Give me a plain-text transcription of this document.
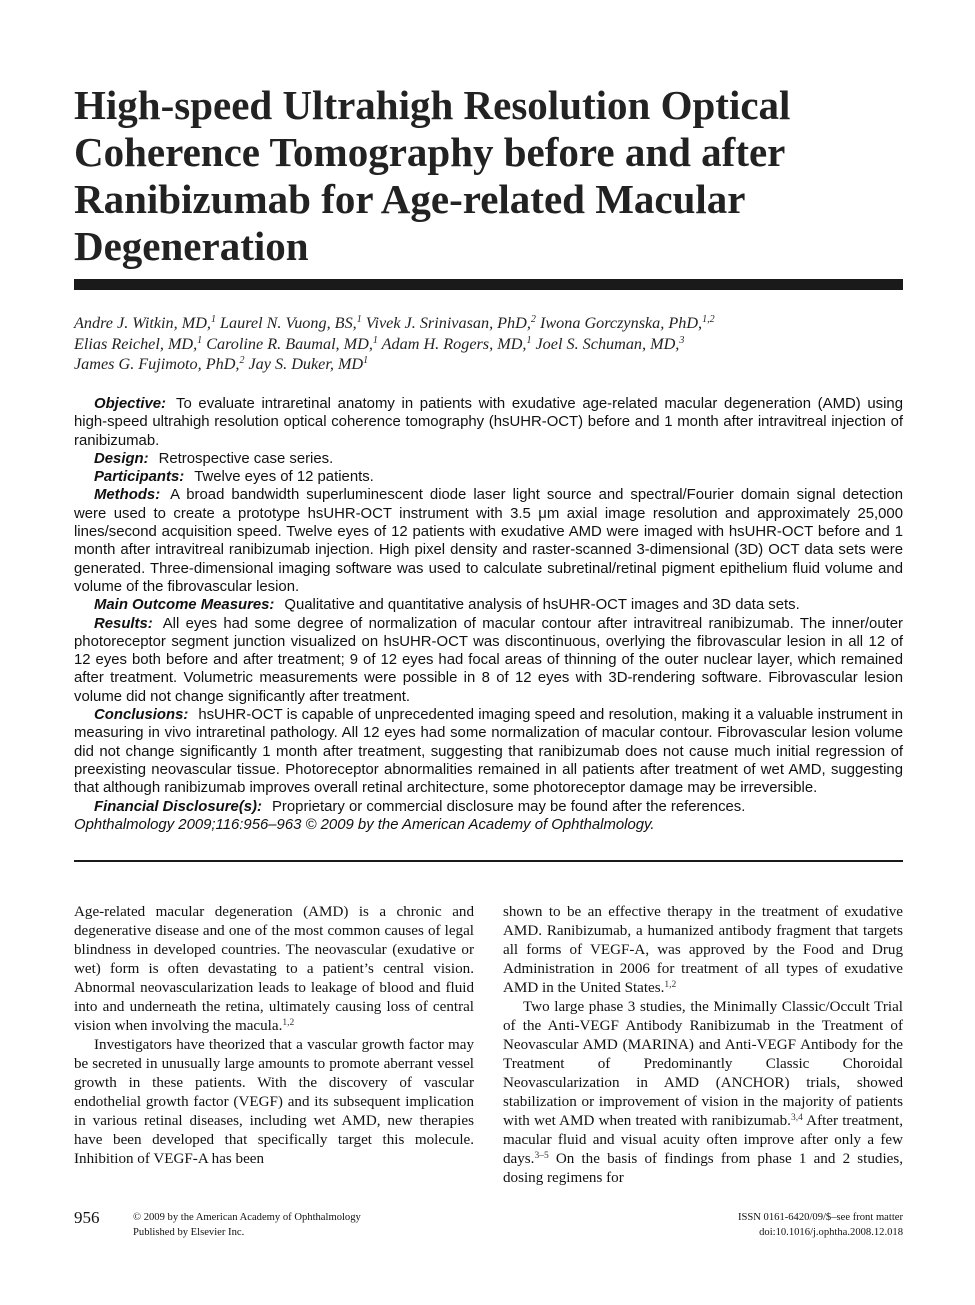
High-speed Ultrahigh Resolution Optical Coherence Tomography before and after Ranibizumab for Age-related Macular Degeneration
Andre J. Witkin, MD,$^1$ Laurel N. Vuong, BS,$^1$ Vivek J. Srinivasan, PhD,$^2$ Iwona Gorczynska, PhD,$^{1,2}$
Elias Reichel, MD,$^1$ Caroline R. Baumal, MD,$^1$ Adam H. Rogers, MD,$^1$ Joel S. Schuman, MD,$^3$
James G. Fujimoto, PhD,$^2$ Jay S. Duker, $MD^1$

Objective: To evaluate intraretinal anatomy in patients with exudative age-related macular degeneration (AMD) using high-speed ultrahigh resolution optical coherence tomography (hsUHR-OCT) before and 1 month after intravitreal injection of ranibizumab.

Design: Retrospective case series.

Participants: Twelve eyes of 12 patients.

Methods: A broad bandwidth superluminescent diode laser light source and spectral/Fourier domain signal detection were used to create a prototype hsUHR-OCT instrument with 3.5 μm axial image resolution and approximately 25,000 lines/second acquisition speed. Twelve eyes of 12 patients with exudative AMD were imaged with hsUHR-OCT before and 1 month after intravitreal ranibizumab injection. High pixel density and raster-scanned 3-dimensional (3D) OCT data sets were generated. Three-dimensional imaging software was used to calculate subretinal/retinal pigment epithelium fluid volume and volume of the fibrovascular lesion.

Main Outcome Measures: Qualitative and quantitative analysis of hsUHR-OCT images and 3D data sets.

Results: All eyes had some degree of normalization of macular contour after intravitreal ranibizumab. The inner/outer photoreceptor segment junction visualized on hsUHR-OCT was discontinuous, overlying the fibrovascular lesion in all 12 of 12 eyes both before and after treatment; 9 of 12 eyes had focal areas of thinning of the outer nuclear layer, which remained after treatment. Volumetric measurements were possible in 8 of 12 eyes with 3D-rendering software. Fibrovascular lesion volume did not change significantly after treatment.

Conclusions: hsUHR-OCT is capable of unprecedented imaging speed and resolution, making it a valuable instrument in measuring in vivo intraretinal pathology. All 12 eyes had some normalization of macular contour. Fibrovascular lesion volume did not change significantly 1 month after treatment, suggesting that ranibizumab does not cause much initial regression of preexisting neovascular tissue. Photoreceptor abnormalities remained in all patients after treatment of wet AMD, suggesting that although ranibizumab improves overall retinal architecture, some photoreceptor damage may be irreversible.

Financial Disclosure(s): Proprietary or commercial disclosure may be found after the references.

Ophthalmology 2009;116:956–963 © 2009 by the American Academy of Ophthalmology.

Age-related macular degeneration (AMD) is a chronic and degenerative disease and one of the most common causes of legal blindness in developed countries. The neovascular (exudative or wet) form is often devastating to a patient’s central vision. Abnormal neovascularization leads to leakage of blood and fluid into and underneath the retina, ultimately causing loss of central vision when involving the macula.$^{1,2}$

Investigators have theorized that a vascular growth factor may be secreted in unusually large amounts to promote aberrant vessel growth in these patients. With the discovery of vascular endothelial growth factor (VEGF) and its subsequent implication in various retinal diseases, including wet AMD, new therapies have been developed that specifically target this molecule. Inhibition of VEGF-A has been

shown to be an effective therapy in the treatment of exudative AMD. Ranibizumab, a humanized antibody fragment that targets all forms of VEGF-A, was approved by the Food and Drug Administration in 2006 for treatment of all types of exudative AMD in the United States.$^{1,2}$

Two large phase 3 studies, the Minimally Classic/Occult Trial of the Anti-VEGF Antibody Ranibizumab in the Treatment of Neovascular AMD (MARINA) and Anti-VEGF Antibody for the Treatment of Predominantly Classic Choroidal Neovascularization in AMD (ANCHOR) trials, showed stabilization or improvement of vision in the majority of patients with wet AMD when treated with ranibizumab.$^{3,4}$ After treatment, macular fluid and visual acuity often improve after only a few days.$^{3-5}$ On the basis of findings from phase 1 and 2 studies, dosing regimens for

956	© 2009 by the American Academy of Ophthalmology
Published by Elsevier Inc.
ISSN 0161-6420/09/$–see front matter
doi:10.1016/j.ophtha.2008.12.018
